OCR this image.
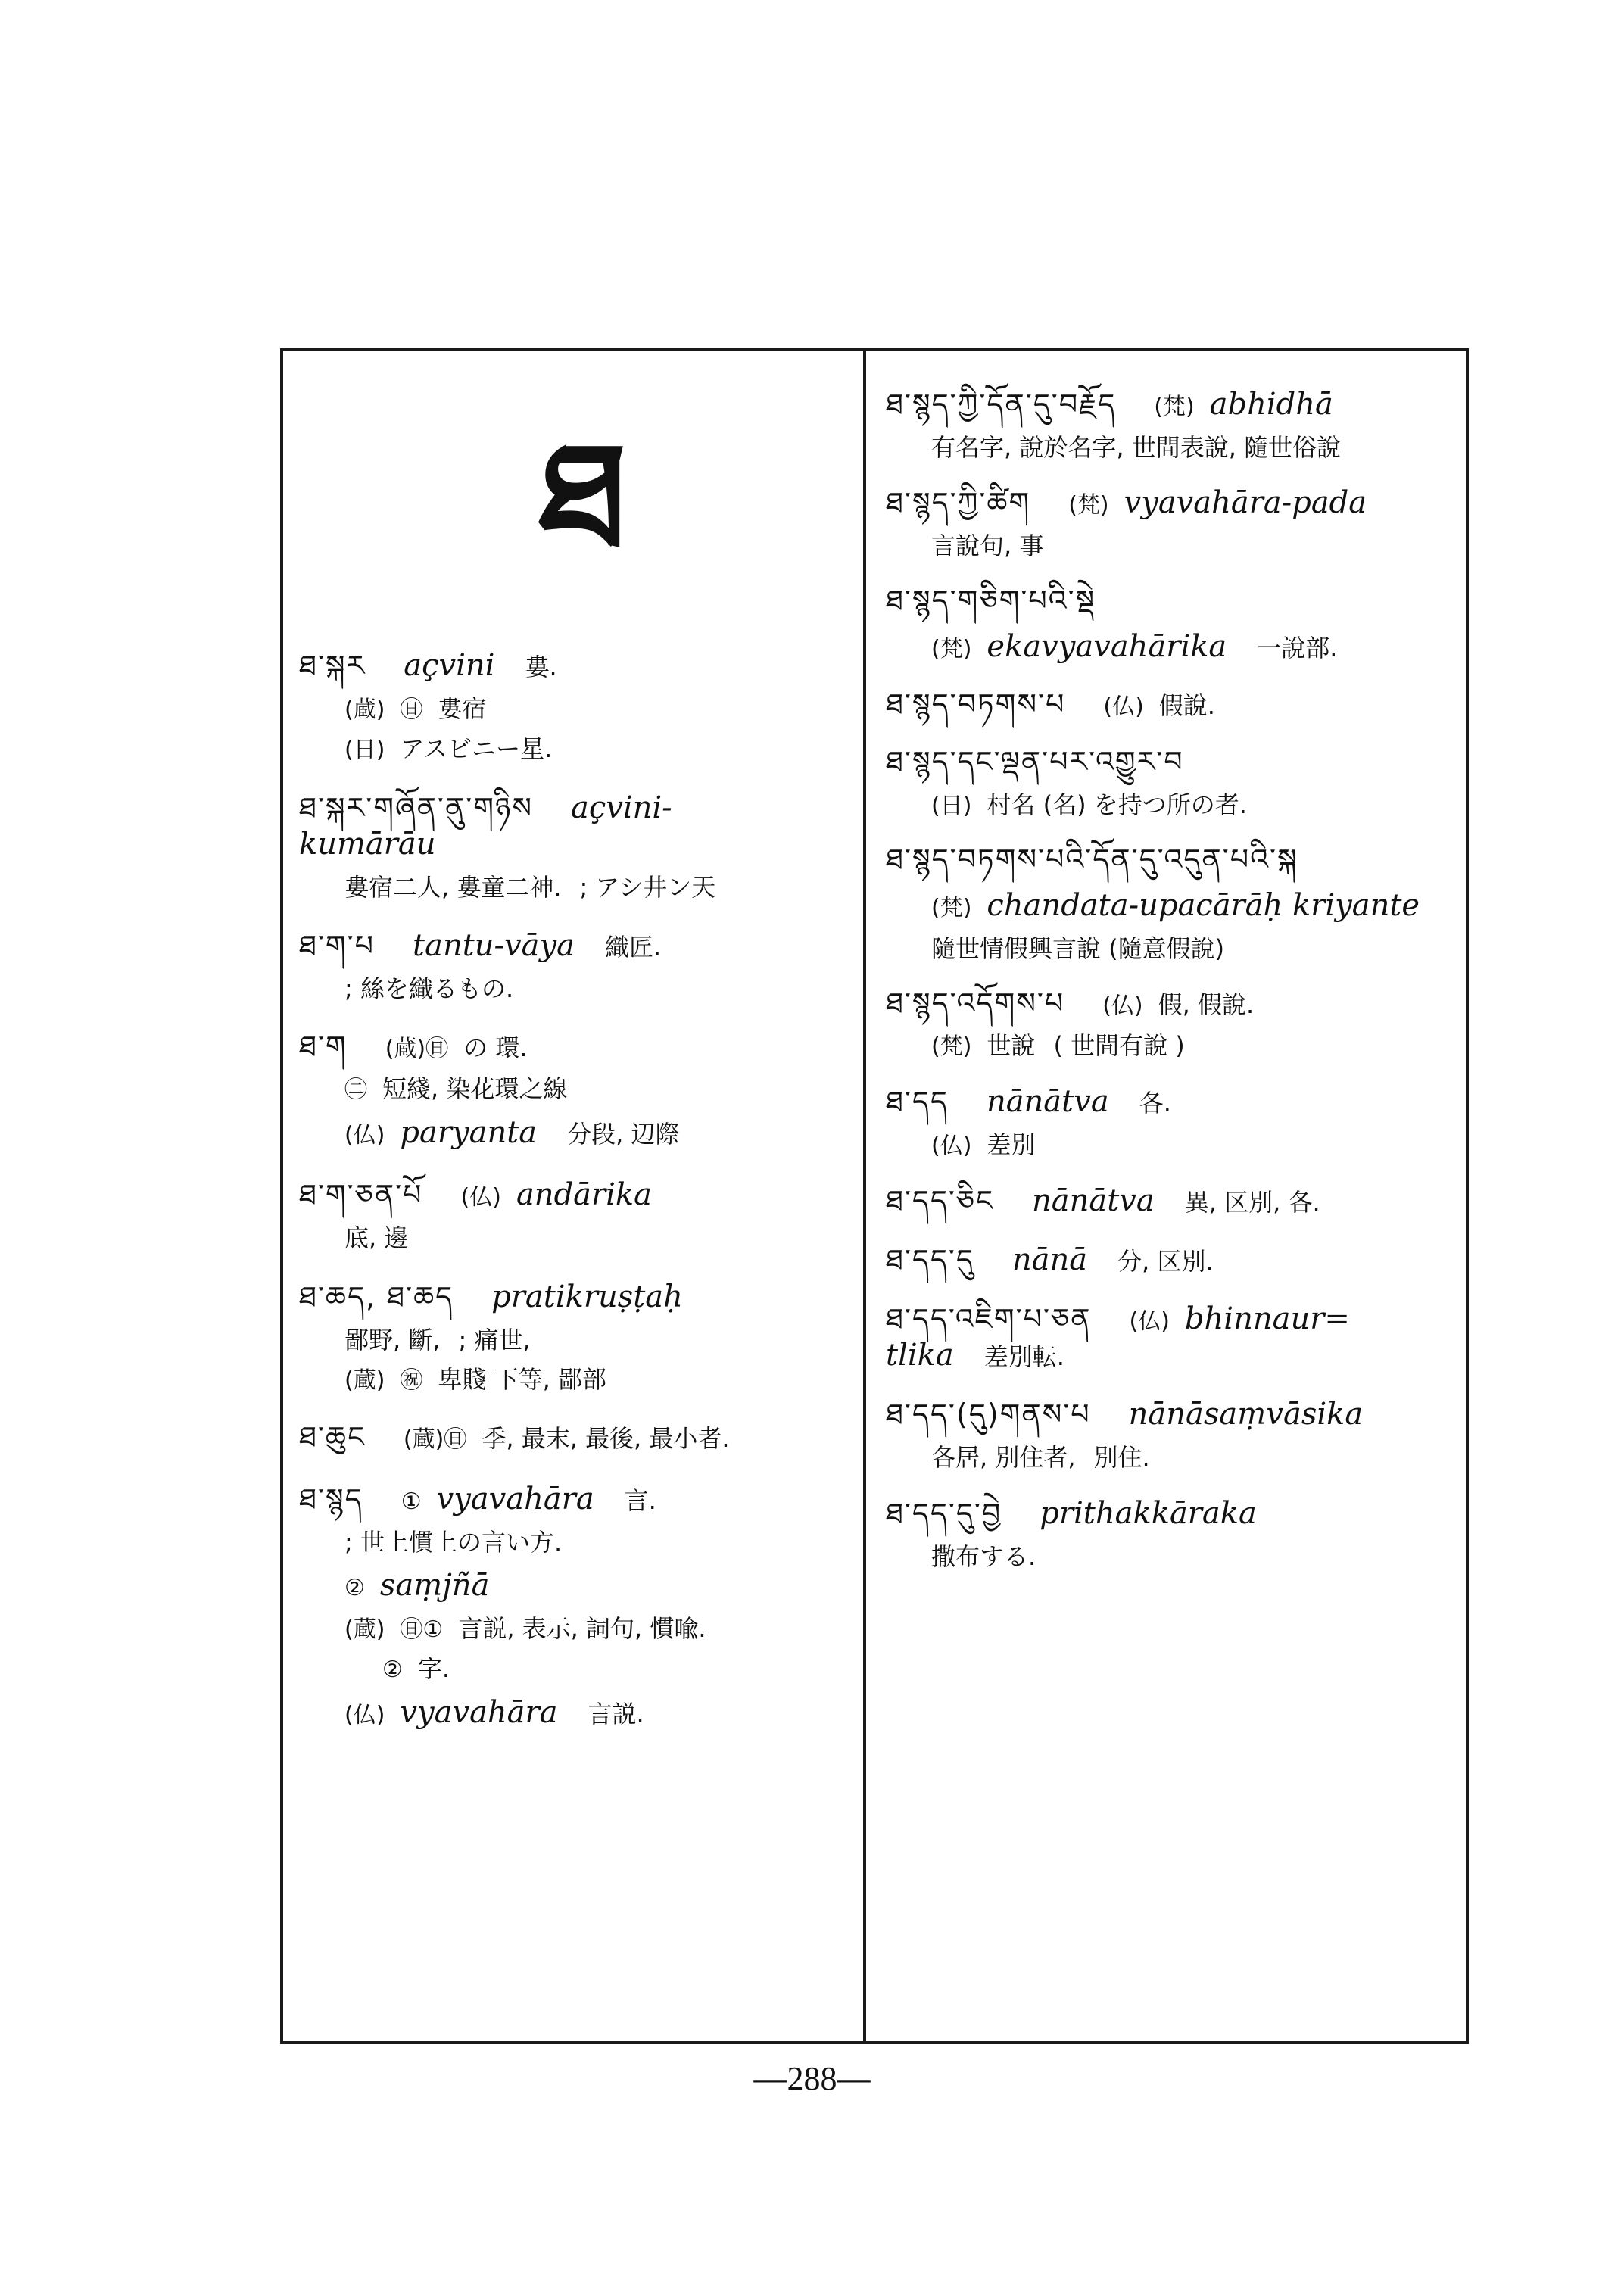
ཐ
ཐ་སྐར açvini 婁.
(蔵) ㊐ 婁宿
(日) アスビニー星.
ཐ་སྐར་གཞོན་ནུ་གཉིས açvini-
kumārāu
婁宿二人, 婁童二神. ; アシ井ン天
ཐ་ག་པ tantu-vāya 織匠.
; 絲を織るもの.
ཐ་ག (蔵)㊐ の 環.
㊁ 短綫, 染花環之線
(仏) paryanta 分段, 辺際
ཐ་ག་ཅན་པོ (仏) andārika
底, 邊
ཐ་ཆད, ཐ་ཆད pratikruṣṭaḥ
鄙野, 斷, ; 痛世,
(蔵) ㊗ 卑賤 下等, 鄙部
ཐ་ཆུང (蔵)㊐ 季, 最末, 最後, 最小者.
ཐ་སྙད ① vyavahāra 言.
; 世上慣上の言い方.
② saṃjñā
(蔵) ㊐① 言説, 表示, 詞句, 慣喩.
② 字.
(仏) vyavahāra 言説.
ཐ་སྙད་ཀྱི་དོན་དུ་བརྗོད (梵) abhidhā
有名字, 說於名字, 世間表說, 隨世俗說
ཐ་སྙད་ཀྱི་ཚིག (梵) vyavahāra-pada
言說句, 事
ཐ་སྙད་གཅིག་པའི་སྡེ
(梵) ekavyavahārika 一說部.
ཐ་སྙད་བཏགས་པ (仏) 假說.
ཐ་སྙད་དང་ལྡན་པར་འགྱུར་བ
(日) 村名 (名) を持つ所の者.
ཐ་སྙད་བཏགས་པའི་དོན་དུ་འདུན་པའི་སྐ
(梵) chandata-upacārāḥ kriyante
隨世情假興言說 (隨意假說)
ཐ་སྙད་འདོགས་པ (仏) 假, 假說.
(梵) 世說 ( 世間有說 )
ཐ་དད nānātva 各.
(仏) 差別
ཐ་དད་ཅིང nānātva 異, 区別, 各.
ཐ་དད་དུ nānā 分, 区別.
ཐ་དད་འཇིག་པ་ཅན (仏) bhinnaur=
tlika 差別転.
ཐ་དད་(དུ)གནས་པ nānāsaṃvāsika
各居, 別住者, 別住.
ཐ་དད་དུ་བྱེ prithakkāraka
撒布する.
—288—
